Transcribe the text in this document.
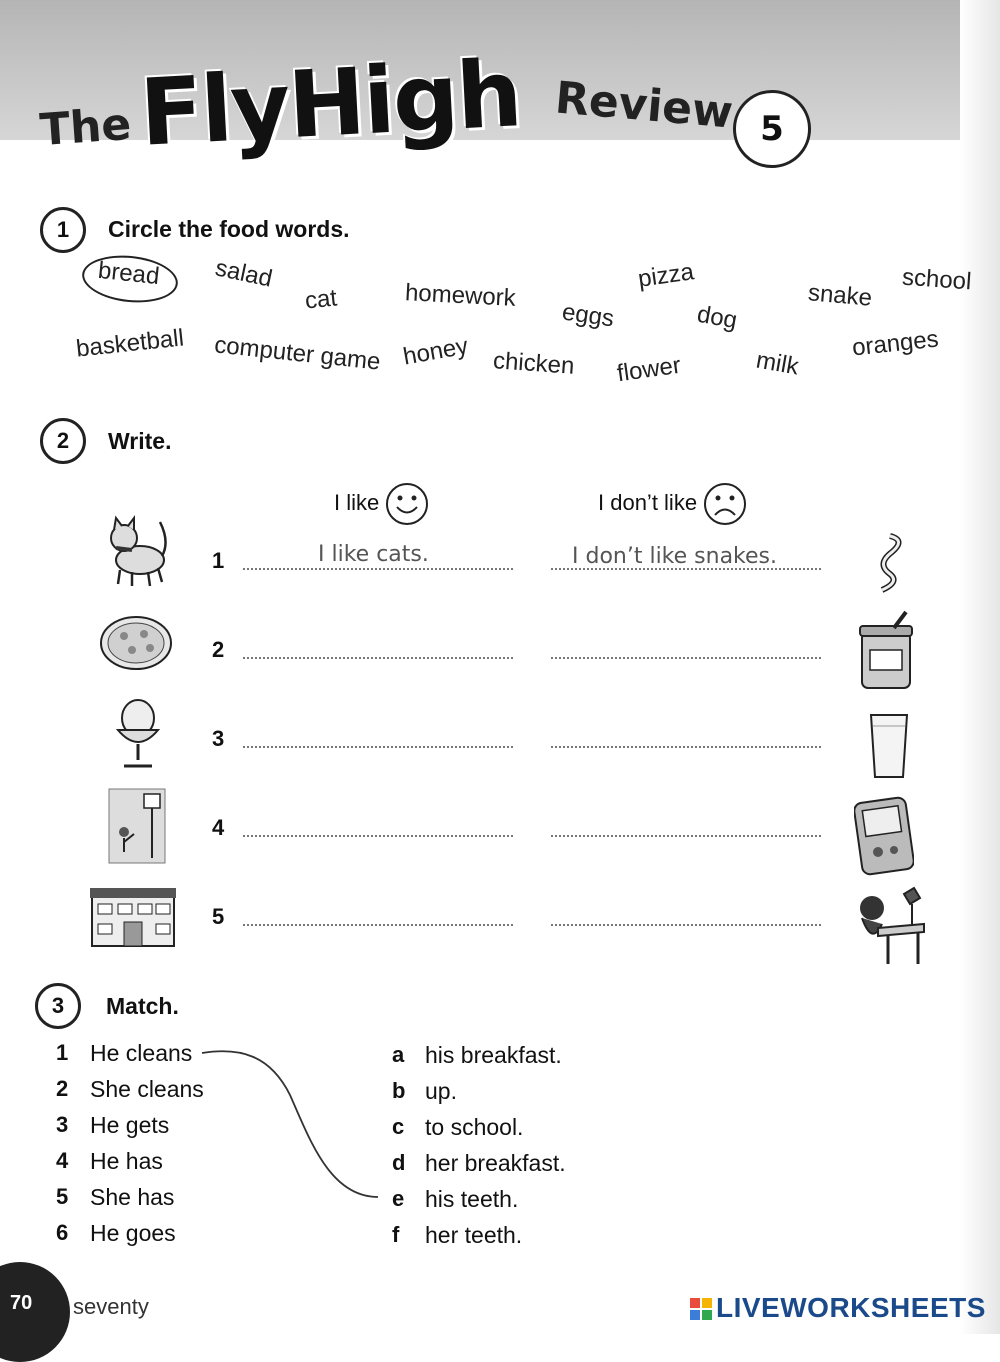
The FlyHigh Review 5
1	Circle the food words.
bread salad
cat	homework
eggs
pizza
dog
snake school
basketball computer game honey chicken flower	milk
oranges
2	Write.
I like	I don’t like
1	I like cats.	I don’t like snakes.
2
3
4
5
3	Match.
1 He cleans
2 She cleans
3 He gets
4 He has
5 She has
6 He goes
a his breakfast.
b up.
c to school.
d her breakfast.
e his teeth.
f her teeth.
70 seventy	LIVEWORKSHEETS
